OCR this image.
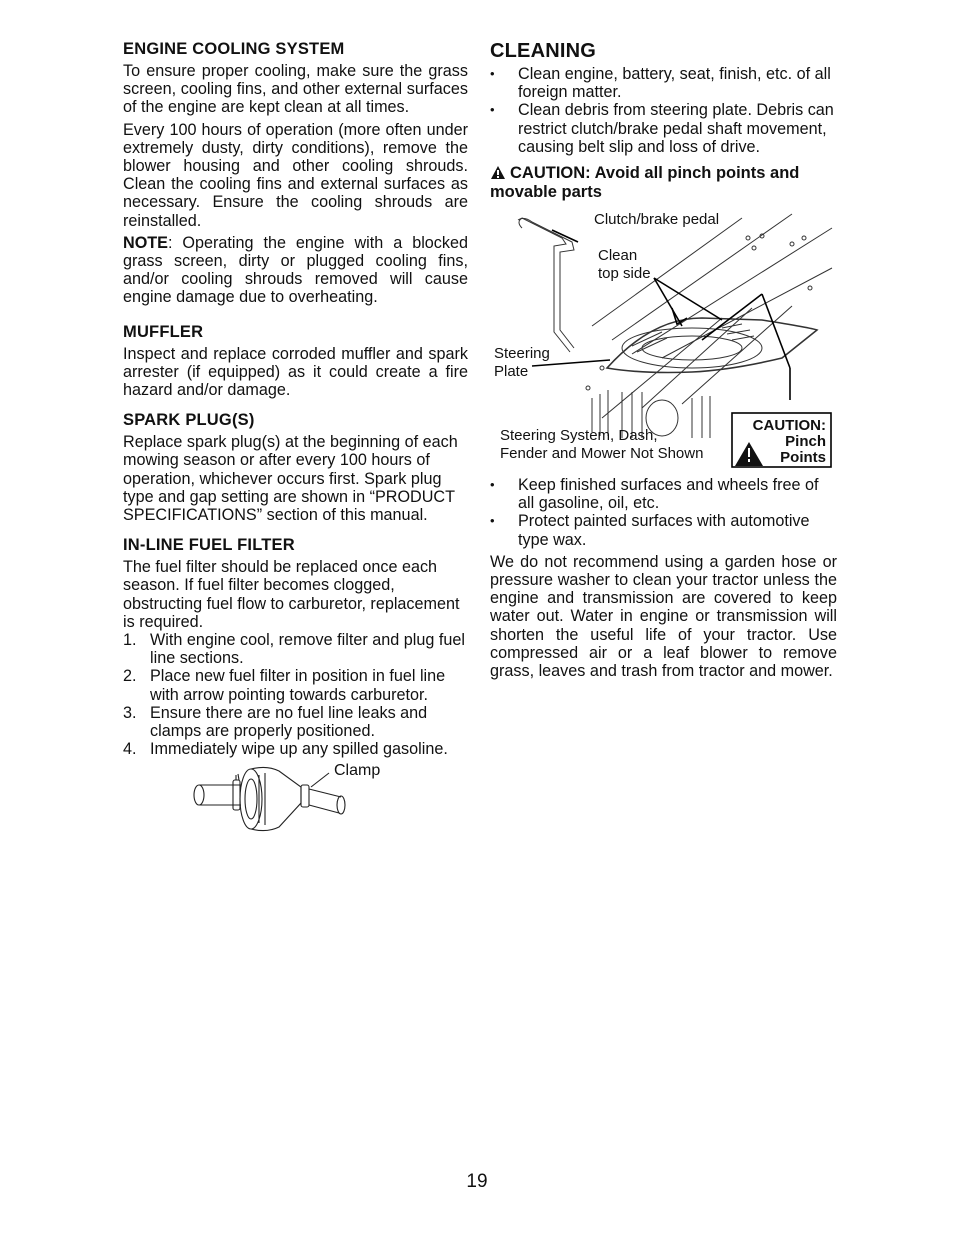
ENGINE COOLING SYSTEM

To ensure proper cooling, make sure the grass screen, cooling fins, and other external surfaces of the engine are kept clean at all times.

Every 100 hours of operation (more often under extremely dusty, dirty conditions), remove the blower housing and other cooling shrouds. Clean the cooling fins and external surfaces as necessary. Ensure the cooling shrouds are reinstalled.

NOTE: Operating the engine with a blocked grass screen, dirty or plugged cooling fins, and/or cooling shrouds removed will cause engine damage due to overheating.

MUFFLER

Inspect and replace corroded muffler and spark arrester (if equipped) as it could create a fire hazard and/or damage.

SPARK PLUG(S)

Replace spark plug(s) at the beginning of each mowing season or after every 100 hours of operation, whichever occurs first. Spark plug type and gap setting are shown in “PRODUCT SPECIFICATIONS” section of this manual.

IN-LINE FUEL FILTER

The fuel filter should be replaced once each season. If fuel filter becomes clogged, obstructing fuel flow to carburetor, replacement is required.

1. With engine cool, remove filter and plug fuel line sections.
2. Place new fuel filter in position in fuel line with arrow pointing towards carburetor.
3. Ensure there are no fuel line leaks and clamps are properly positioned.
4. Immediately wipe up any spilled gasoline.
Clamp
CLEANING
• Clean engine, battery, seat, finish, etc. of all foreign matter.
• Clean debris from steering plate. Debris can restrict clutch/brake pedal shaft movement, causing belt slip and loss of drive.
CAUTION: Avoid all pinch points and movable parts
Clutch/brake pedal
Clean
top side
Steering
Plate
Steering System, Dash,
Fender and Mower Not Shown
CAUTION:
Pinch
Points
• Keep finished surfaces and wheels free of all gasoline, oil, etc.
• Protect painted surfaces with automotive type wax.

We do not recommend using a garden hose or pressure washer to clean your tractor unless the engine and transmission are covered to keep water out. Water in engine or transmission will shorten the useful life of your tractor. Use compressed air or a leaf blower to remove grass, leaves and trash from tractor and mower.

19
